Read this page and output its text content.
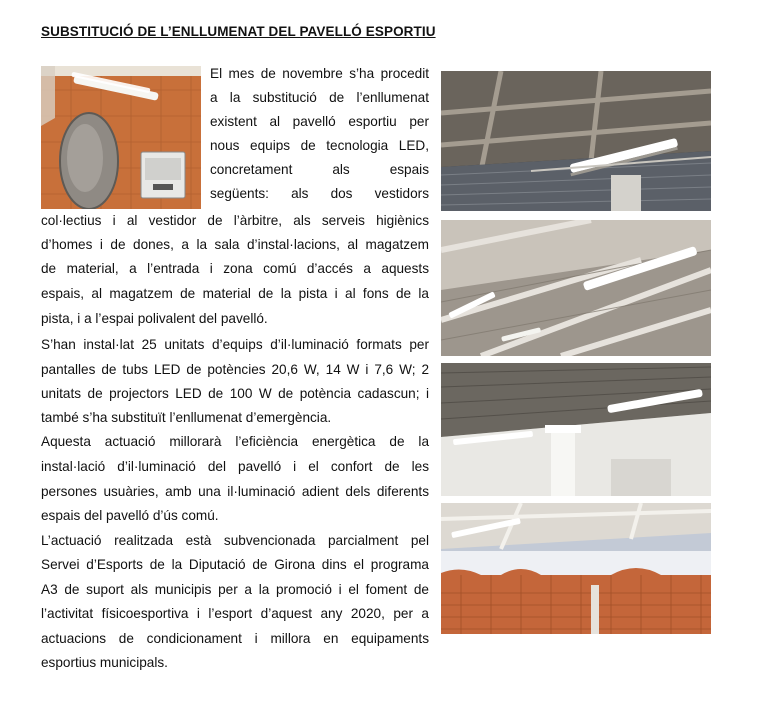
SUBSTITUCIÓ DE L’ENLLUMENAT DEL PAVELLÓ ESPORTIU
El mes de novembre s’ha procedit
a la substitució de l’enllumenat
existent al pavelló esportiu per
nous equips de tecnologia LED,
concretament als espais
següents: als dos vestidors
col·lectius i al vestidor de l’àrbitre, als serveis higiènics
d’homes i de dones, a la sala d’instal·lacions, al magatzem
de material, a l’entrada i zona comú d’accés a aquests
espais, al magatzem de material de la pista i al fons de la
pista, i a l’espai polivalent del pavelló.
S’han instal·lat 25 unitats d’equips d’il·luminació formats per
pantalles de tubs LED de potències 20,6 W, 14 W i 7,6 W; 2
unitats de projectors LED de 100 W de potència cadascun; i
també s’ha substituït l’enllumenat d’emergència.
Aquesta actuació millorarà l’eficiència energètica de la
instal·lació d’il·luminació del pavelló i el confort de les
persones usuàries, amb una il·luminació adient dels diferents
espais del pavelló d’ús comú.
L’actuació realitzada està subvencionada parcialment pel
Servei d’Esports de la Diputació de Girona dins el programa
A3 de suport als municipis per a la promoció i el foment de
l’activitat físicoesportiva i l’esport d’aquest any 2020, per a
actuacions de condicionament i millora en equipaments
esportius municipals.
